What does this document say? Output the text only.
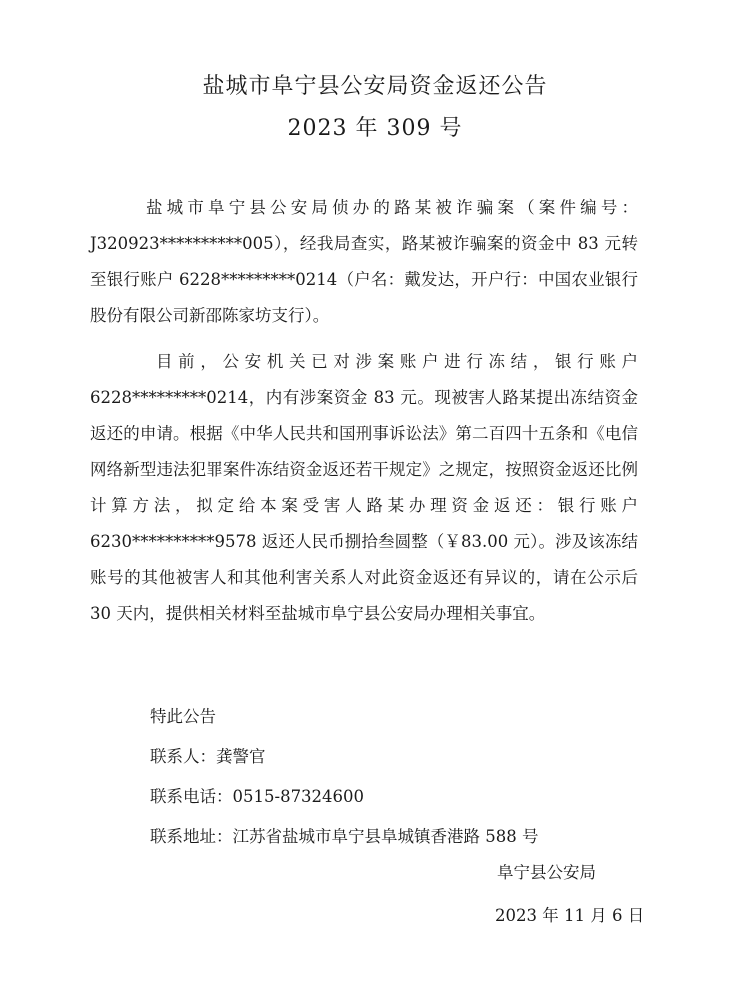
盐城市阜宁县公安局资金返还公告
2023 年 309 号
盐城市阜宁县公安局侦办的路某被诈骗案（案件编号：J320923**********005），经我局查实，路某被诈骗案的资金中 83 元转至银行账户 6228*********0214（户名：戴发达，开户行：中国农业银行股份有限公司新邵陈家坊支行）。
目前，公安机关已对涉案账户进行冻结，银行账户 6228*********0214，内有涉案资金 83 元。现被害人路某提出冻结资金返还的申请。根据《中华人民共和国刑事诉讼法》第二百四十五条和《电信网络新型违法犯罪案件冻结资金返还若干规定》之规定，按照资金返还比例计算方法，拟定给本案受害人路某办理资金返还：银行账户 6230**********9578 返还人民币捌拾叁圆整（￥83.00 元）。涉及该冻结账号的其他被害人和其他利害关系人对此资金返还有异议的，请在公示后 30 天内，提供相关材料至盐城市阜宁县公安局办理相关事宜。
特此公告
联系人：龚警官
联系电话：0515-87324600
联系地址：江苏省盐城市阜宁县阜城镇香港路 588 号
阜宁县公安局
2023 年 11 月 6 日
